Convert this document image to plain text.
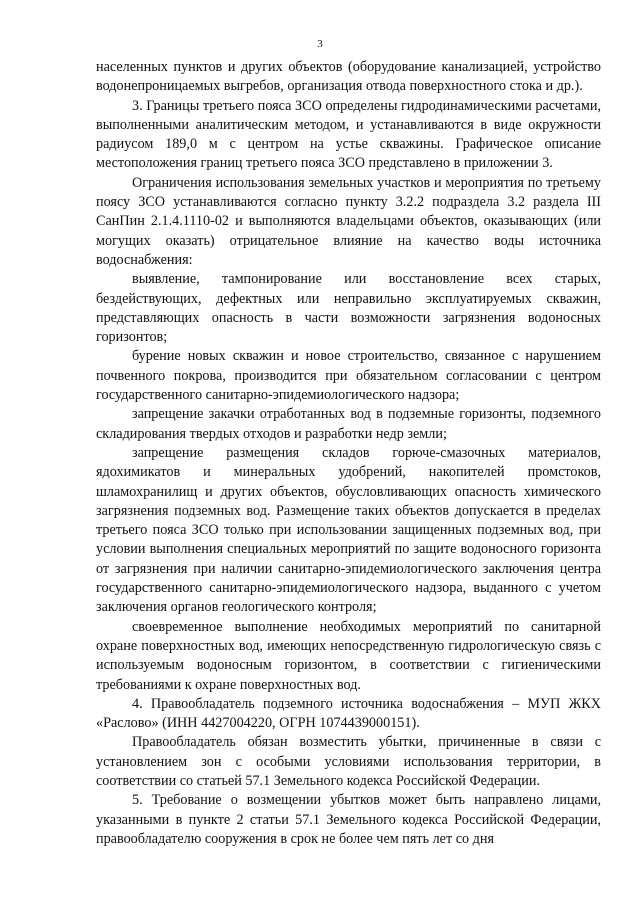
3

населенных пунктов и других объектов (оборудование канализацией, устройство водонепроницаемых выгребов, организация отвода поверхностного стока и др.).

3. Границы третьего пояса ЗСО определены гидродинамическими расчетами, выполненными аналитическим методом, и устанавливаются в виде окружности радиусом 189,0 м с центром на устье скважины. Графическое описание местоположения границ третьего пояса ЗСО представлено в приложении 3.

Ограничения использования земельных участков и мероприятия по третьему поясу ЗСО устанавливаются согласно пункту 3.2.2 подраздела 3.2 раздела III СанПин 2.1.4.1110-02 и выполняются владельцами объектов, оказывающих (или могущих оказать) отрицательное влияние на качество воды источника водоснабжения:

выявление, тампонирование или восстановление всех старых, бездействующих, дефектных или неправильно эксплуатируемых скважин, представляющих опасность в части возможности загрязнения водоносных горизонтов;

бурение новых скважин и новое строительство, связанное с нарушением почвенного покрова, производится при обязательном согласовании с центром государственного санитарно-эпидемиологического надзора;

запрещение закачки отработанных вод в подземные горизонты, подземного складирования твердых отходов и разработки недр земли;

запрещение размещения складов горюче-смазочных материалов, ядохимикатов и минеральных удобрений, накопителей промстоков, шламохранилищ и других объектов, обусловливающих опасность химического загрязнения подземных вод. Размещение таких объектов допускается в пределах третьего пояса ЗСО только при использовании защищенных подземных вод, при условии выполнения специальных мероприятий по защите водоносного горизонта от загрязнения при наличии санитарно-эпидемиологического заключения центра государственного санитарно-эпидемиологического надзора, выданного с учетом заключения органов геологического контроля;

своевременное выполнение необходимых мероприятий по санитарной охране поверхностных вод, имеющих непосредственную гидрологическую связь с используемым водоносным горизонтом, в соответствии с гигиеническими требованиями к охране поверхностных вод.

4. Правообладатель подземного источника водоснабжения – МУП ЖКХ «Раслово» (ИНН 4427004220, ОГРН 1074439000151).

Правообладатель обязан возместить убытки, причиненные в связи с установлением зон с особыми условиями использования территории, в соответствии со статьей 57.1 Земельного кодекса Российской Федерации.

5. Требование о возмещении убытков может быть направлено лицами, указанными в пункте 2 статьи 57.1 Земельного кодекса Российской Федерации, правообладателю сооружения в срок не более чем пять лет со дня
